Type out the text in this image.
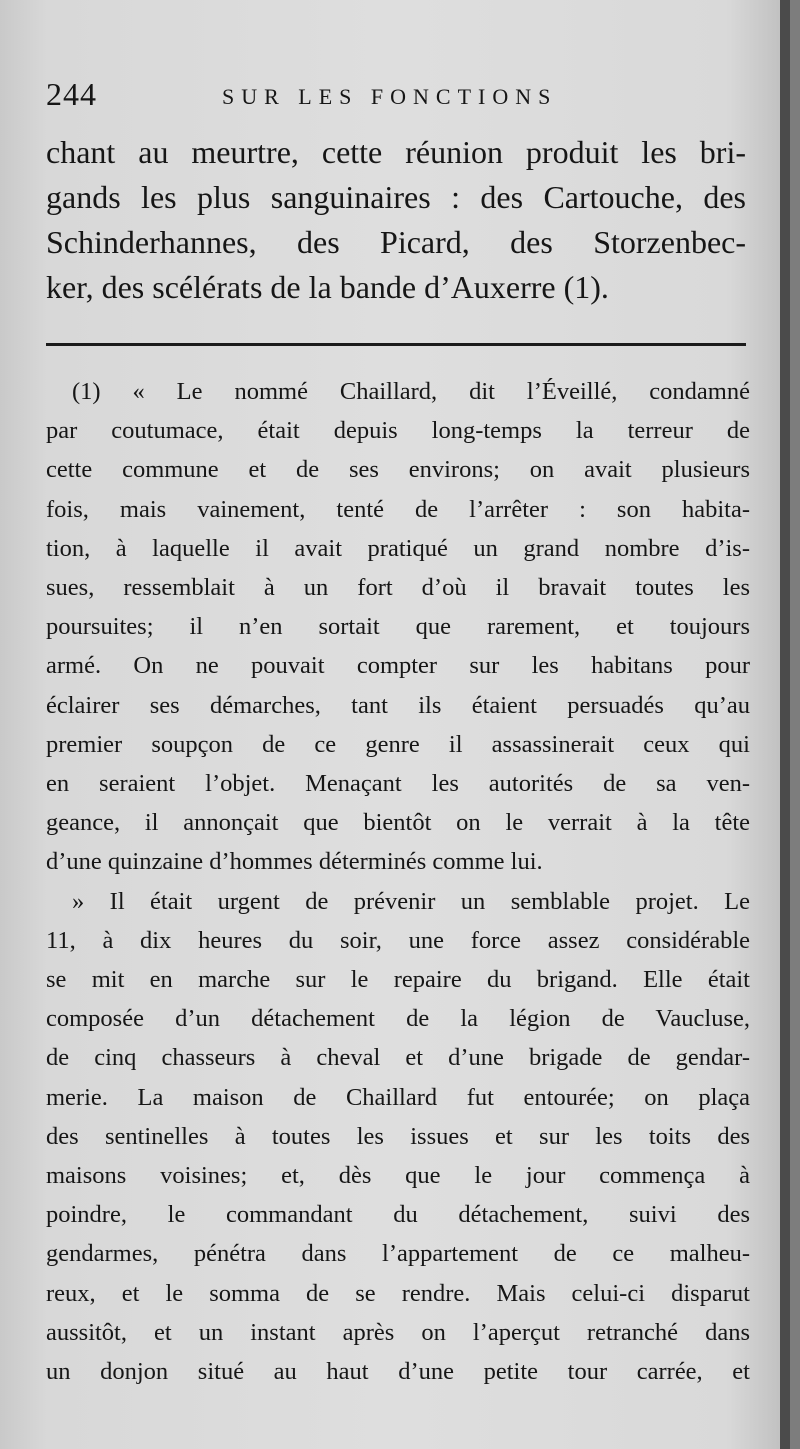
244	SUR LES FONCTIONS
chant au meurtre, cette réunion produit les bri-
gands les plus sanguinaires : des Cartouche, des
Schinderhannes, des Picard, des Storzenbec-
ker, des scélérats de la bande d’Auxerre (1).
(1) « Le nommé Chaillard, dit l’Éveillé, condamné
par coutumace, était depuis long-temps la terreur de
cette commune et de ses environs; on avait plusieurs
fois, mais vainement, tenté de l’arrêter : son habita-
tion, à laquelle il avait pratiqué un grand nombre d’is-
sues, ressemblait à un fort d’où il bravait toutes les
poursuites; il n’en sortait que rarement, et toujours
armé. On ne pouvait compter sur les habitans pour
éclairer ses démarches, tant ils étaient persuadés qu’au
premier soupçon de ce genre il assassinerait ceux qui
en seraient l’objet. Menaçant les autorités de sa ven-
geance, il annonçait que bientôt on le verrait à la tête
d’une quinzaine d’hommes déterminés comme lui.
» Il était urgent de prévenir un semblable projet. Le
11, à dix heures du soir, une force assez considérable
se mit en marche sur le repaire du brigand. Elle était
composée d’un détachement de la légion de Vaucluse,
de cinq chasseurs à cheval et d’une brigade de gendar-
merie. La maison de Chaillard fut entourée; on plaça
des sentinelles à toutes les issues et sur les toits des
maisons voisines; et, dès que le jour commença à
poindre, le commandant du détachement, suivi des
gendarmes, pénétra dans l’appartement de ce malheu-
reux, et le somma de se rendre. Mais celui-ci disparut
aussitôt, et un instant après on l’aperçut retranché dans
un donjon situé au haut d’une petite tour carrée, et
